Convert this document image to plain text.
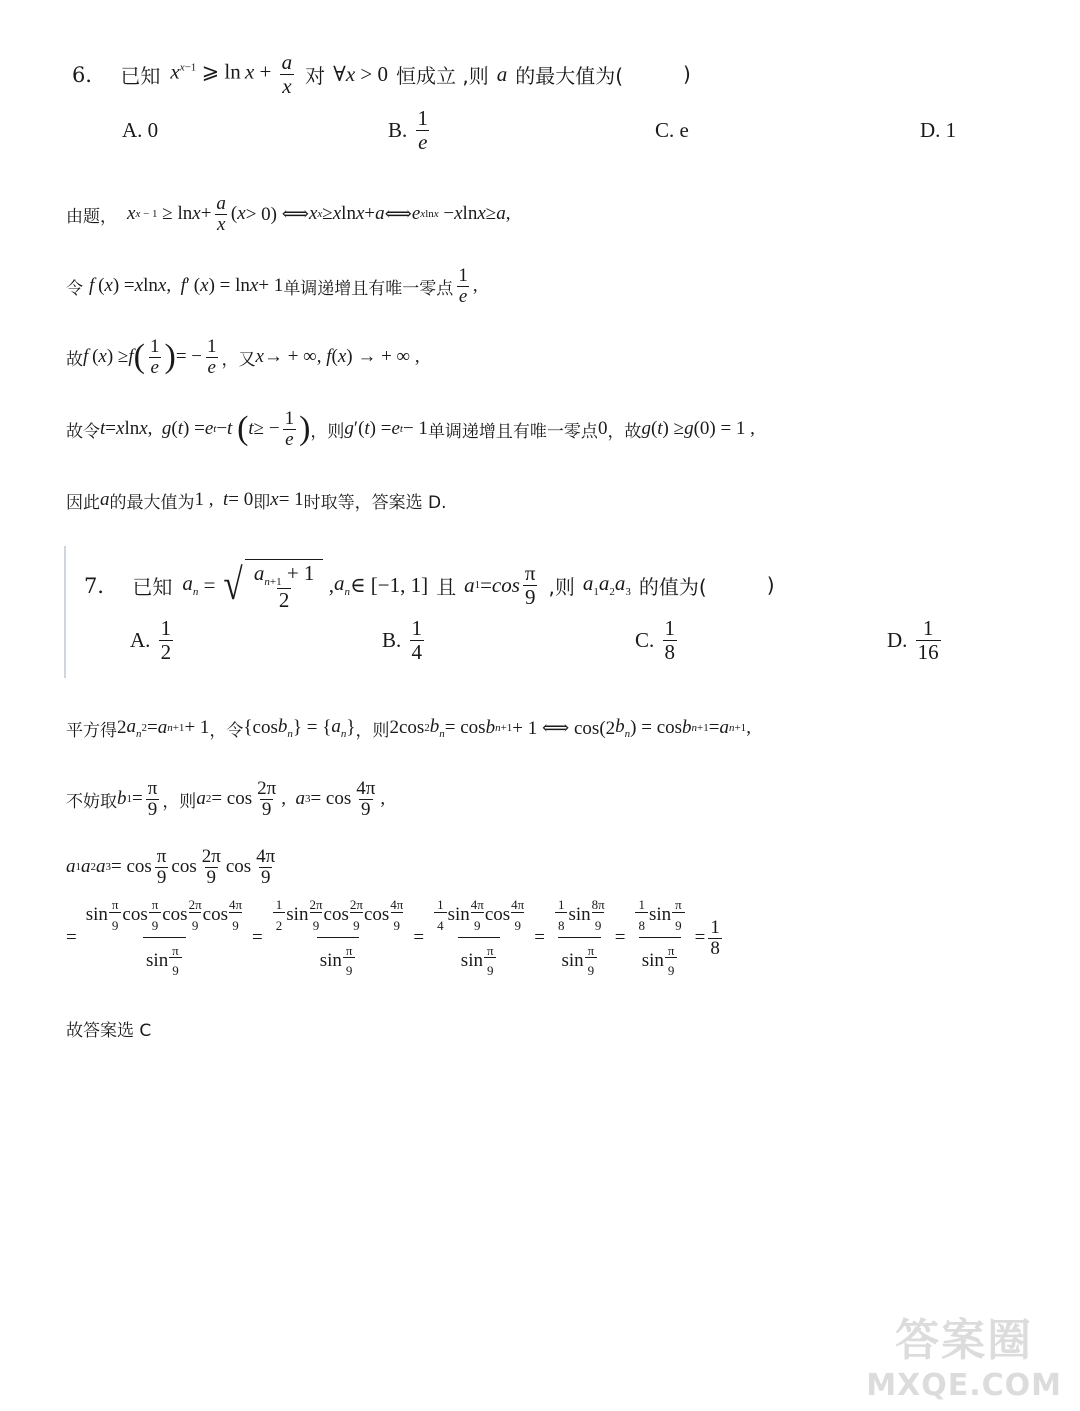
6． 已知 $x^{x-1}$ ⩾ $\ln x + \frac{a}{x}$ 对 ∀x > 0 恒成立 ,则 a 的最大值为(	)
A.
0	B.
$\frac{1}{e}$	C.
e	D.
1
由题， x $x - 1 \ge \ln x + \frac{a}{x}$ ( x > 0) ⟺ x x ≥ x ln x + a ⟺ e xlnx − x ln x ≥ a ,
令 f  ( x ) = x ln x , f ′ ( x ) = ln x + 1 单调递增且有唯一零点 $\frac{1}{e}$ ,
故 f  ( x ) ≥ f ( $\frac{1}{e}$ ) = − $\frac{1}{e}$ ，又 x → + ∞, f ( x ) → + ∞ ,
故令 t = x ln x , g ( t ) = e t − t
( t ≥ − $\frac{1}{e}$ ) ，则 g ′( t ) = e t − 1 单调递增且有唯一零点 0 ，故 g ( t ) ≥ g (0) = 1 ,
因此 a 的最大值为 1 , t = 0 即 x = 1 时取等，答案选 D.
7． 已知 $a_n$ = √ $\frac{a_{n+1} + 1}{2}$ , $a_n$ ∈ [−1, 1] 且 a $1 = \cos \frac{\pi}{9}$ ,则 $a_1a_2a_3$ 的值为(	)
A.
$\frac{1}{2}$	B.
$\frac{1}{4}$	C.
$\frac{1}{8}$	D.
$\frac{1}{16}$
平方得 2 $a_n$ 2 = a n+1 + 1 ，令 {cos $b_n$ } = { $a_n$ } ，则 2cos 2 $b_n = \cos b$ n+1 + 1 ⟺ cos(2 $b_n$ ) = cos b n+1 = a n+1 ,
不妨取 b $1 = \frac{\pi}{9}$ ，则 a $2 = \cos \frac{2\pi}{9}$ , a $3 = \cos \frac{4\pi}{9}$ ,
a 1 a 2 a $3 = \cos \frac{\pi}{9}$ $\cos \frac{2\pi}{9}$ $\cos \frac{4\pi}{9}$
= sin π
9 cos π
9 cos 2π
9 cos 4π
9
sin π
9 = 1
2 sin 2π
9 cos 2π
9 cos 4π
9
sin π
9 = 1
4 sin 4π
9 cos 4π
9
sin π
9 = 1
8 sin 8π
9
sin π
9 = 1
8 sin π
9
sin π
$9 = \frac{1}{8}$
故答案选 C
答案圈
MXQE.COM
